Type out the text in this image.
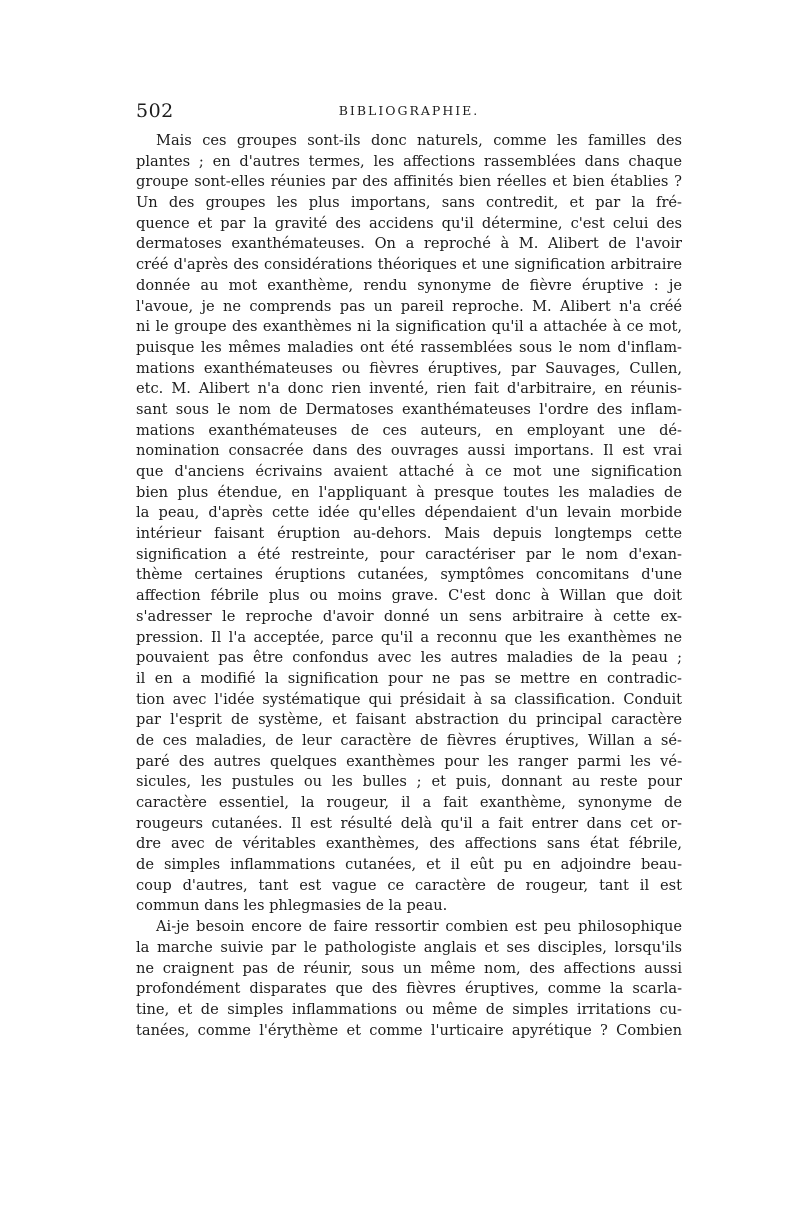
502	BIBLIOGRAPHIE.
Mais ces groupes sont-ils donc naturels, comme les familles des
plantes ; en d'autres termes, les affections rassemblées dans chaque
groupe sont-elles réunies par des affinités bien réelles et bien établies ?
Un des groupes les plus importans, sans contredit, et par la fré-
quence et par la gravité des accidens qu'il détermine, c'est celui des
dermatoses exanthémateuses. On a reproché à M. Alibert de l'avoir
créé d'après des considérations théoriques et une signification arbitraire
donnée au mot exanthème, rendu synonyme de fièvre éruptive : je
l'avoue, je ne comprends pas un pareil reproche. M. Alibert n'a créé
ni le groupe des exanthèmes ni la signification qu'il a attachée à ce mot,
puisque les mêmes maladies ont été rassemblées sous le nom d'inflam-
mations exanthémateuses ou fièvres éruptives, par Sauvages, Cullen,
etc. M. Alibert n'a donc rien inventé, rien fait d'arbitraire, en réunis-
sant sous le nom de Dermatoses exanthémateuses l'ordre des inflam-
mations exanthémateuses de ces auteurs, en employant une dé-
nomination consacrée dans des ouvrages aussi importans. Il est vrai
que d'anciens écrivains avaient attaché à ce mot une signification
bien plus étendue, en l'appliquant à presque toutes les maladies de
la peau, d'après cette idée qu'elles dépendaient d'un levain morbide
intérieur faisant éruption au-dehors. Mais depuis longtemps cette
signification a été restreinte, pour caractériser par le nom d'exan-
thème certaines éruptions cutanées, symptômes concomitans d'une
affection fébrile plus ou moins grave. C'est donc à Willan que doit
s'adresser le reproche d'avoir donné un sens arbitraire à cette ex-
pression. Il l'a acceptée, parce qu'il a reconnu que les exanthèmes ne
pouvaient pas être confondus avec les autres maladies de la peau ;
il en a modifié la signification pour ne pas se mettre en contradic-
tion avec l'idée systématique qui présidait à sa classification. Conduit
par l'esprit de système, et faisant abstraction du principal caractère
de ces maladies, de leur caractère de fièvres éruptives, Willan a sé-
paré des autres quelques exanthèmes pour les ranger parmi les vé-
sicules, les pustules ou les bulles ; et puis, donnant au reste pour
caractère essentiel, la rougeur, il a fait exanthème, synonyme de
rougeurs cutanées. Il est résulté delà qu'il a fait entrer dans cet or-
dre avec de véritables exanthèmes, des affections sans état fébrile,
de simples inflammations cutanées, et il eût pu en adjoindre beau-
coup d'autres, tant est vague ce caractère de rougeur, tant il est
commun dans les phlegmasies de la peau.
Ai-je besoin encore de faire ressortir combien est peu philosophique
la marche suivie par le pathologiste anglais et ses disciples, lorsqu'ils
ne craignent pas de réunir, sous un même nom, des affections aussi
profondément disparates que des fièvres éruptives, comme la scarla-
tine, et de simples inflammations ou même de simples irritations cu-
tanées, comme l'érythème et comme l'urticaire apyrétique ? Combien
